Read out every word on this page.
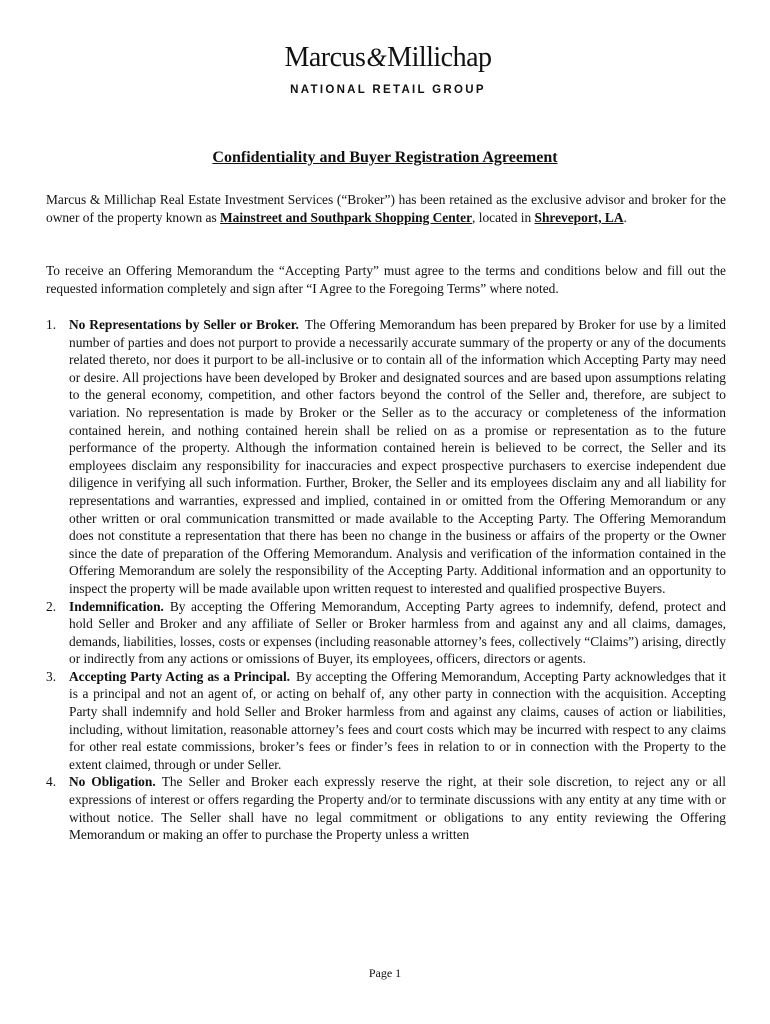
Marcus&Millichap
NATIONAL RETAIL GROUP
Confidentiality and Buyer Registration Agreement
Marcus & Millichap Real Estate Investment Services (“Broker”) has been retained as the exclusive advisor and broker for the owner of the property known as Mainstreet and Southpark Shopping Center, located in Shreveport, LA.
To receive an Offering Memorandum the “Accepting Party” must agree to the terms and conditions below and fill out the requested information completely and sign after “I Agree to the Foregoing Terms” where noted.
1. No Representations by Seller or Broker. The Offering Memorandum has been prepared by Broker for use by a limited number of parties and does not purport to provide a necessarily accurate summary of the property or any of the documents related thereto, nor does it purport to be all-inclusive or to contain all of the information which Accepting Party may need or desire. All projections have been developed by Broker and designated sources and are based upon assumptions relating to the general economy, competition, and other factors beyond the control of the Seller and, therefore, are subject to variation. No representation is made by Broker or the Seller as to the accuracy or completeness of the information contained herein, and nothing contained herein shall be relied on as a promise or representation as to the future performance of the property. Although the information contained herein is believed to be correct, the Seller and its employees disclaim any responsibility for inaccuracies and expect prospective purchasers to exercise independent due diligence in verifying all such information. Further, Broker, the Seller and its employees disclaim any and all liability for representations and warranties, expressed and implied, contained in or omitted from the Offering Memorandum or any other written or oral communication transmitted or made available to the Accepting Party. The Offering Memorandum does not constitute a representation that there has been no change in the business or affairs of the property or the Owner since the date of preparation of the Offering Memorandum. Analysis and verification of the information contained in the Offering Memorandum are solely the responsibility of the Accepting Party. Additional information and an opportunity to inspect the property will be made available upon written request to interested and qualified prospective Buyers.
2. Indemnification. By accepting the Offering Memorandum, Accepting Party agrees to indemnify, defend, protect and hold Seller and Broker and any affiliate of Seller or Broker harmless from and against any and all claims, damages, demands, liabilities, losses, costs or expenses (including reasonable attorney’s fees, collectively “Claims”) arising, directly or indirectly from any actions or omissions of Buyer, its employees, officers, directors or agents.
3. Accepting Party Acting as a Principal. By accepting the Offering Memorandum, Accepting Party acknowledges that it is a principal and not an agent of, or acting on behalf of, any other party in connection with the acquisition. Accepting Party shall indemnify and hold Seller and Broker harmless from and against any claims, causes of action or liabilities, including, without limitation, reasonable attorney’s fees and court costs which may be incurred with respect to any claims for other real estate commissions, broker’s fees or finder’s fees in relation to or in connection with the Property to the extent claimed, through or under Seller.
4. No Obligation. The Seller and Broker each expressly reserve the right, at their sole discretion, to reject any or all expressions of interest or offers regarding the Property and/or to terminate discussions with any entity at any time with or without notice. The Seller shall have no legal commitment or obligations to any entity reviewing the Offering Memorandum or making an offer to purchase the Property unless a written
Page 1
